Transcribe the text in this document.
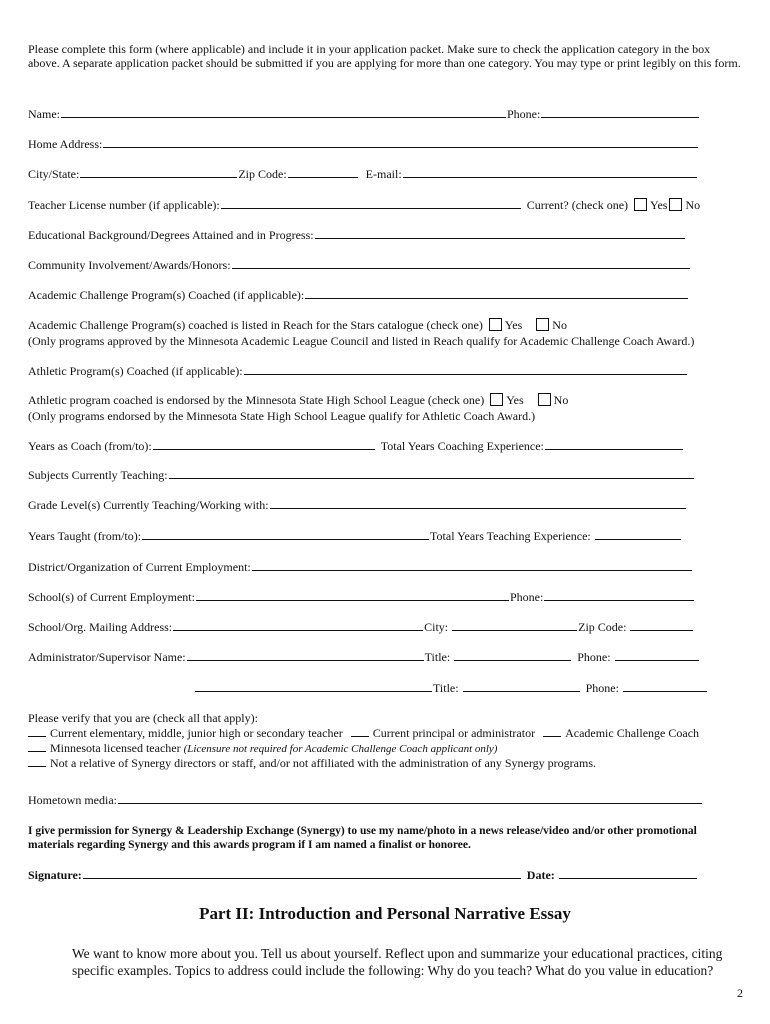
Please complete this form (where applicable) and include it in your application packet. Make sure to check the application category in the box above. A separate application packet should be submitted if you are applying for more than one category. You may type or print legibly on this form.
Name:	Phone:
Home Address:
City/State:	Zip Code:	E-mail:
Teacher License number (if applicable):	Current? (check one) Yes No
Educational Background/Degrees Attained and in Progress:
Community Involvement/Awards/Honors:
Academic Challenge Program(s) Coached (if applicable):
Academic Challenge Program(s) coached is listed in Reach for the Stars catalogue (check one) Yes	No
(Only programs approved by the Minnesota Academic League Council and listed in Reach qualify for Academic Challenge Coach Award.)
Athletic Program(s) Coached (if applicable):
Athletic program coached is endorsed by the Minnesota State High School League (check one) Yes	No
(Only programs endorsed by the Minnesota State High School League qualify for Athletic Coach Award.)
Years as Coach (from/to):	Total Years Coaching Experience:
Subjects Currently Teaching:
Grade Level(s) Currently Teaching/Working with:
Years Taught (from/to):	Total Years Teaching Experience:
District/Organization of Current Employment:
School(s) of Current Employment:	Phone:
School/Org. Mailing Address:	City:	Zip Code:
Administrator/Supervisor Name:	Title:	Phone:
Title:	Phone:
Please verify that you are (check all that apply):
Current elementary, middle, junior high or secondary teacher	Current principal or administrator	Academic Challenge Coach
Minnesota licensed teacher (Licensure not required for Academic Challenge Coach applicant only)
Not a relative of Synergy directors or staff, and/or not affiliated with the administration of any Synergy programs.
Hometown media:
I give permission for Synergy & Leadership Exchange (Synergy) to use my name/photo in a news release/video and/or other promotional materials regarding Synergy and this awards program if I am named a finalist or honoree.
Signature:	Date:
Part II: Introduction and Personal Narrative Essay
We want to know more about you. Tell us about yourself. Reflect upon and summarize your educational practices, citing specific examples. Topics to address could include the following: Why do you teach? What do you value in education?
2
